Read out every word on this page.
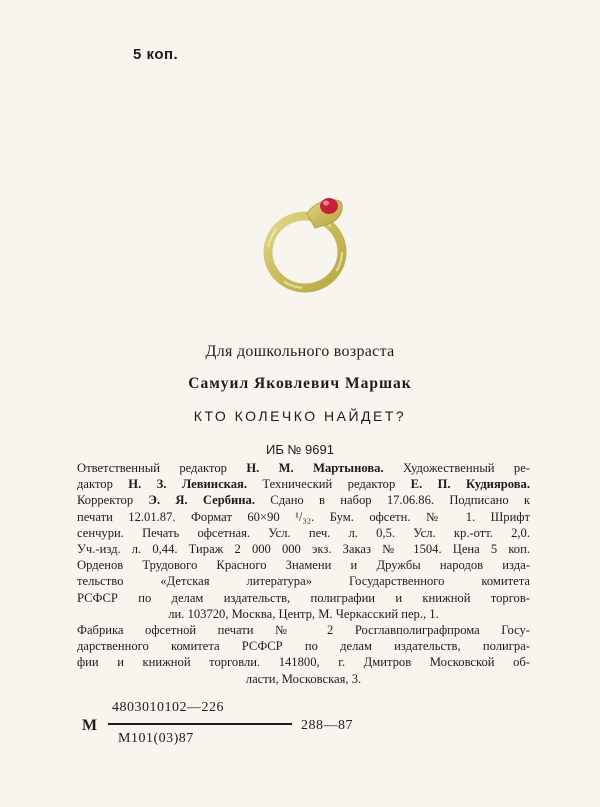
5 коп.
Для дошкольного возраста
Самуил Яковлевич Маршак
КТО КОЛЕЧКО НАЙДЕТ?
ИБ № 9691
Ответственный редактор Н. М. Мартынова. Художественный ре-
дактор Н. З. Левинская. Технический редактор Е. П. Кудиярова.
Корректор Э. Я. Сербина. Сдано в набор 17.06.86. Подписано к
печати 12.01.87. Формат 60×90 ¹/₃₂. Бум. офсетн. № 1. Шрифт
сенчури. Печать офсетная. Усл. печ. л. 0,5. Усл. кр.-отт. 2,0.
Уч.-изд. л. 0,44. Тираж 2 000 000 экз. Заказ № 1504. Цена 5 коп.
Орденов Трудового Красного Знамени и Дружбы народов изда-
тельство «Детская литература» Государственного комитета
РСФСР по делам издательств, полиграфии и книжной торгов-
ли. 103720, Москва, Центр, М. Черкасский пер., 1.
Фабрика офсетной печати № 2 Росглавполиграфпрома Госу-
дарственного комитета РСФСР по делам издательств, полигра-
фии и книжной торговли. 141800, г. Дмитров Московской об-
ласти, Московская, 3.
М
4803010102—226
М101(03)87
288—87
